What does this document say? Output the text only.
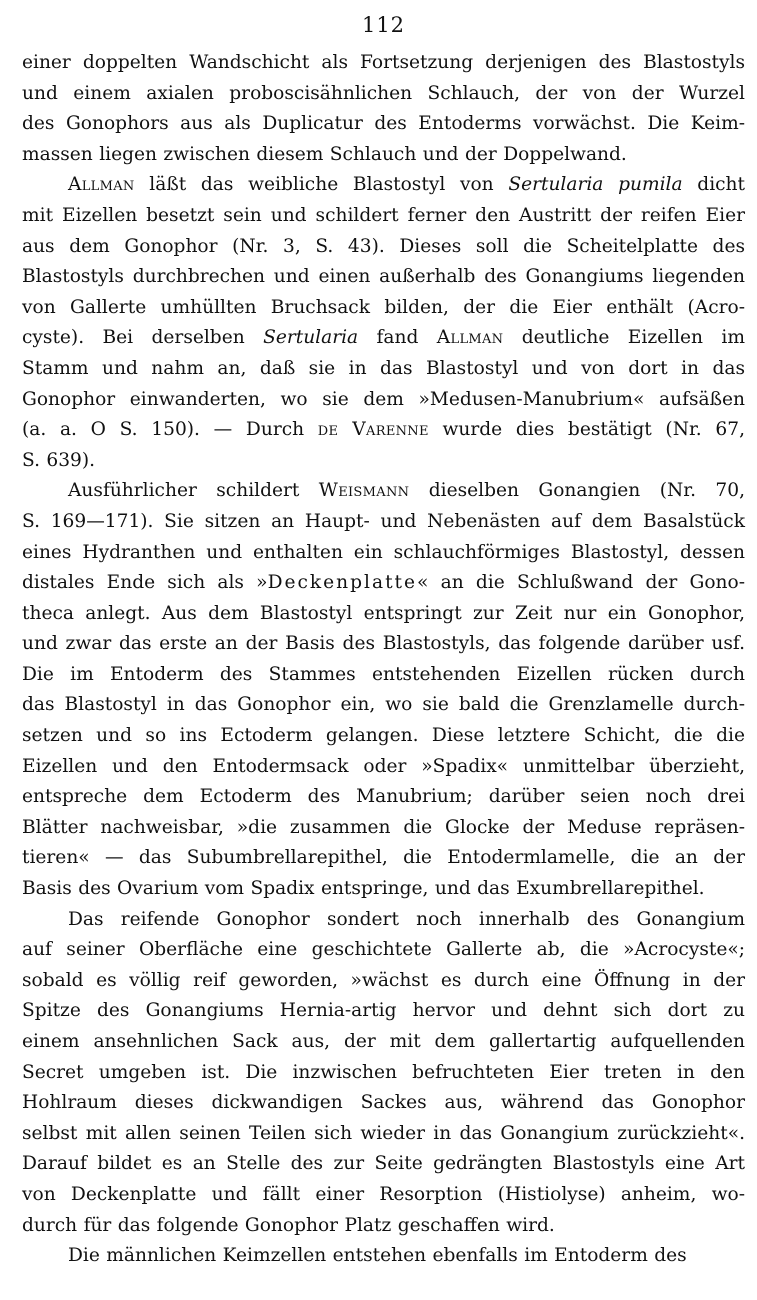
112
einer doppelten Wandschicht als Fortsetzung derjenigen des Blastostyls
und einem axialen proboscisähnlichen Schlauch, der von der Wurzel
des Gonophors aus als Duplicatur des Entoderms vorwächst. Die Keim-
massen liegen zwischen diesem Schlauch und der Doppelwand.
Allman läßt das weibliche Blastostyl von Sertularia pumila dicht
mit Eizellen besetzt sein und schildert ferner den Austritt der reifen Eier
aus dem Gonophor (Nr. 3, S. 43). Dieses soll die Scheitelplatte des
Blastostyls durchbrechen und einen außerhalb des Gonangiums liegenden
von Gallerte umhüllten Bruchsack bilden, der die Eier enthält (Acro-
cyste). Bei derselben Sertularia fand Allman deutliche Eizellen im
Stamm und nahm an, daß sie in das Blastostyl und von dort in das
Gonophor einwanderten, wo sie dem »Medusen-Manubrium« aufsäßen
(a. a. O S. 150). — Durch de Varenne wurde dies bestätigt (Nr. 67,
S. 639).
Ausführlicher schildert Weismann dieselben Gonangien (Nr. 70,
S. 169—171). Sie sitzen an Haupt- und Nebenästen auf dem Basalstück
eines Hydranthen und enthalten ein schlauchförmiges Blastostyl, dessen
distales Ende sich als »Deckenplatte« an die Schlußwand der Gono-
theca anlegt. Aus dem Blastostyl entspringt zur Zeit nur ein Gonophor,
und zwar das erste an der Basis des Blastostyls, das folgende darüber usf.
Die im Entoderm des Stammes entstehenden Eizellen rücken durch
das Blastostyl in das Gonophor ein, wo sie bald die Grenzlamelle durch-
setzen und so ins Ectoderm gelangen. Diese letztere Schicht, die die
Eizellen und den Entodermsack oder »Spadix« unmittelbar überzieht,
entspreche dem Ectoderm des Manubrium; darüber seien noch drei
Blätter nachweisbar, »die zusammen die Glocke der Meduse repräsen-
tieren« — das Subumbrellarepithel, die Entodermlamelle, die an der
Basis des Ovarium vom Spadix entspringe, und das Exumbrellarepithel.
Das reifende Gonophor sondert noch innerhalb des Gonangium
auf seiner Oberfläche eine geschichtete Gallerte ab, die »Acrocyste«;
sobald es völlig reif geworden, »wächst es durch eine Öffnung in der
Spitze des Gonangiums Hernia-artig hervor und dehnt sich dort zu
einem ansehnlichen Sack aus, der mit dem gallertartig aufquellenden
Secret umgeben ist. Die inzwischen befruchteten Eier treten in den
Hohlraum dieses dickwandigen Sackes aus, während das Gonophor
selbst mit allen seinen Teilen sich wieder in das Gonangium zurückzieht«.
Darauf bildet es an Stelle des zur Seite gedrängten Blastostyls eine Art
von Deckenplatte und fällt einer Resorption (Histiolyse) anheim, wo-
durch für das folgende Gonophor Platz geschaffen wird.
Die männlichen Keimzellen entstehen ebenfalls im Entoderm des
